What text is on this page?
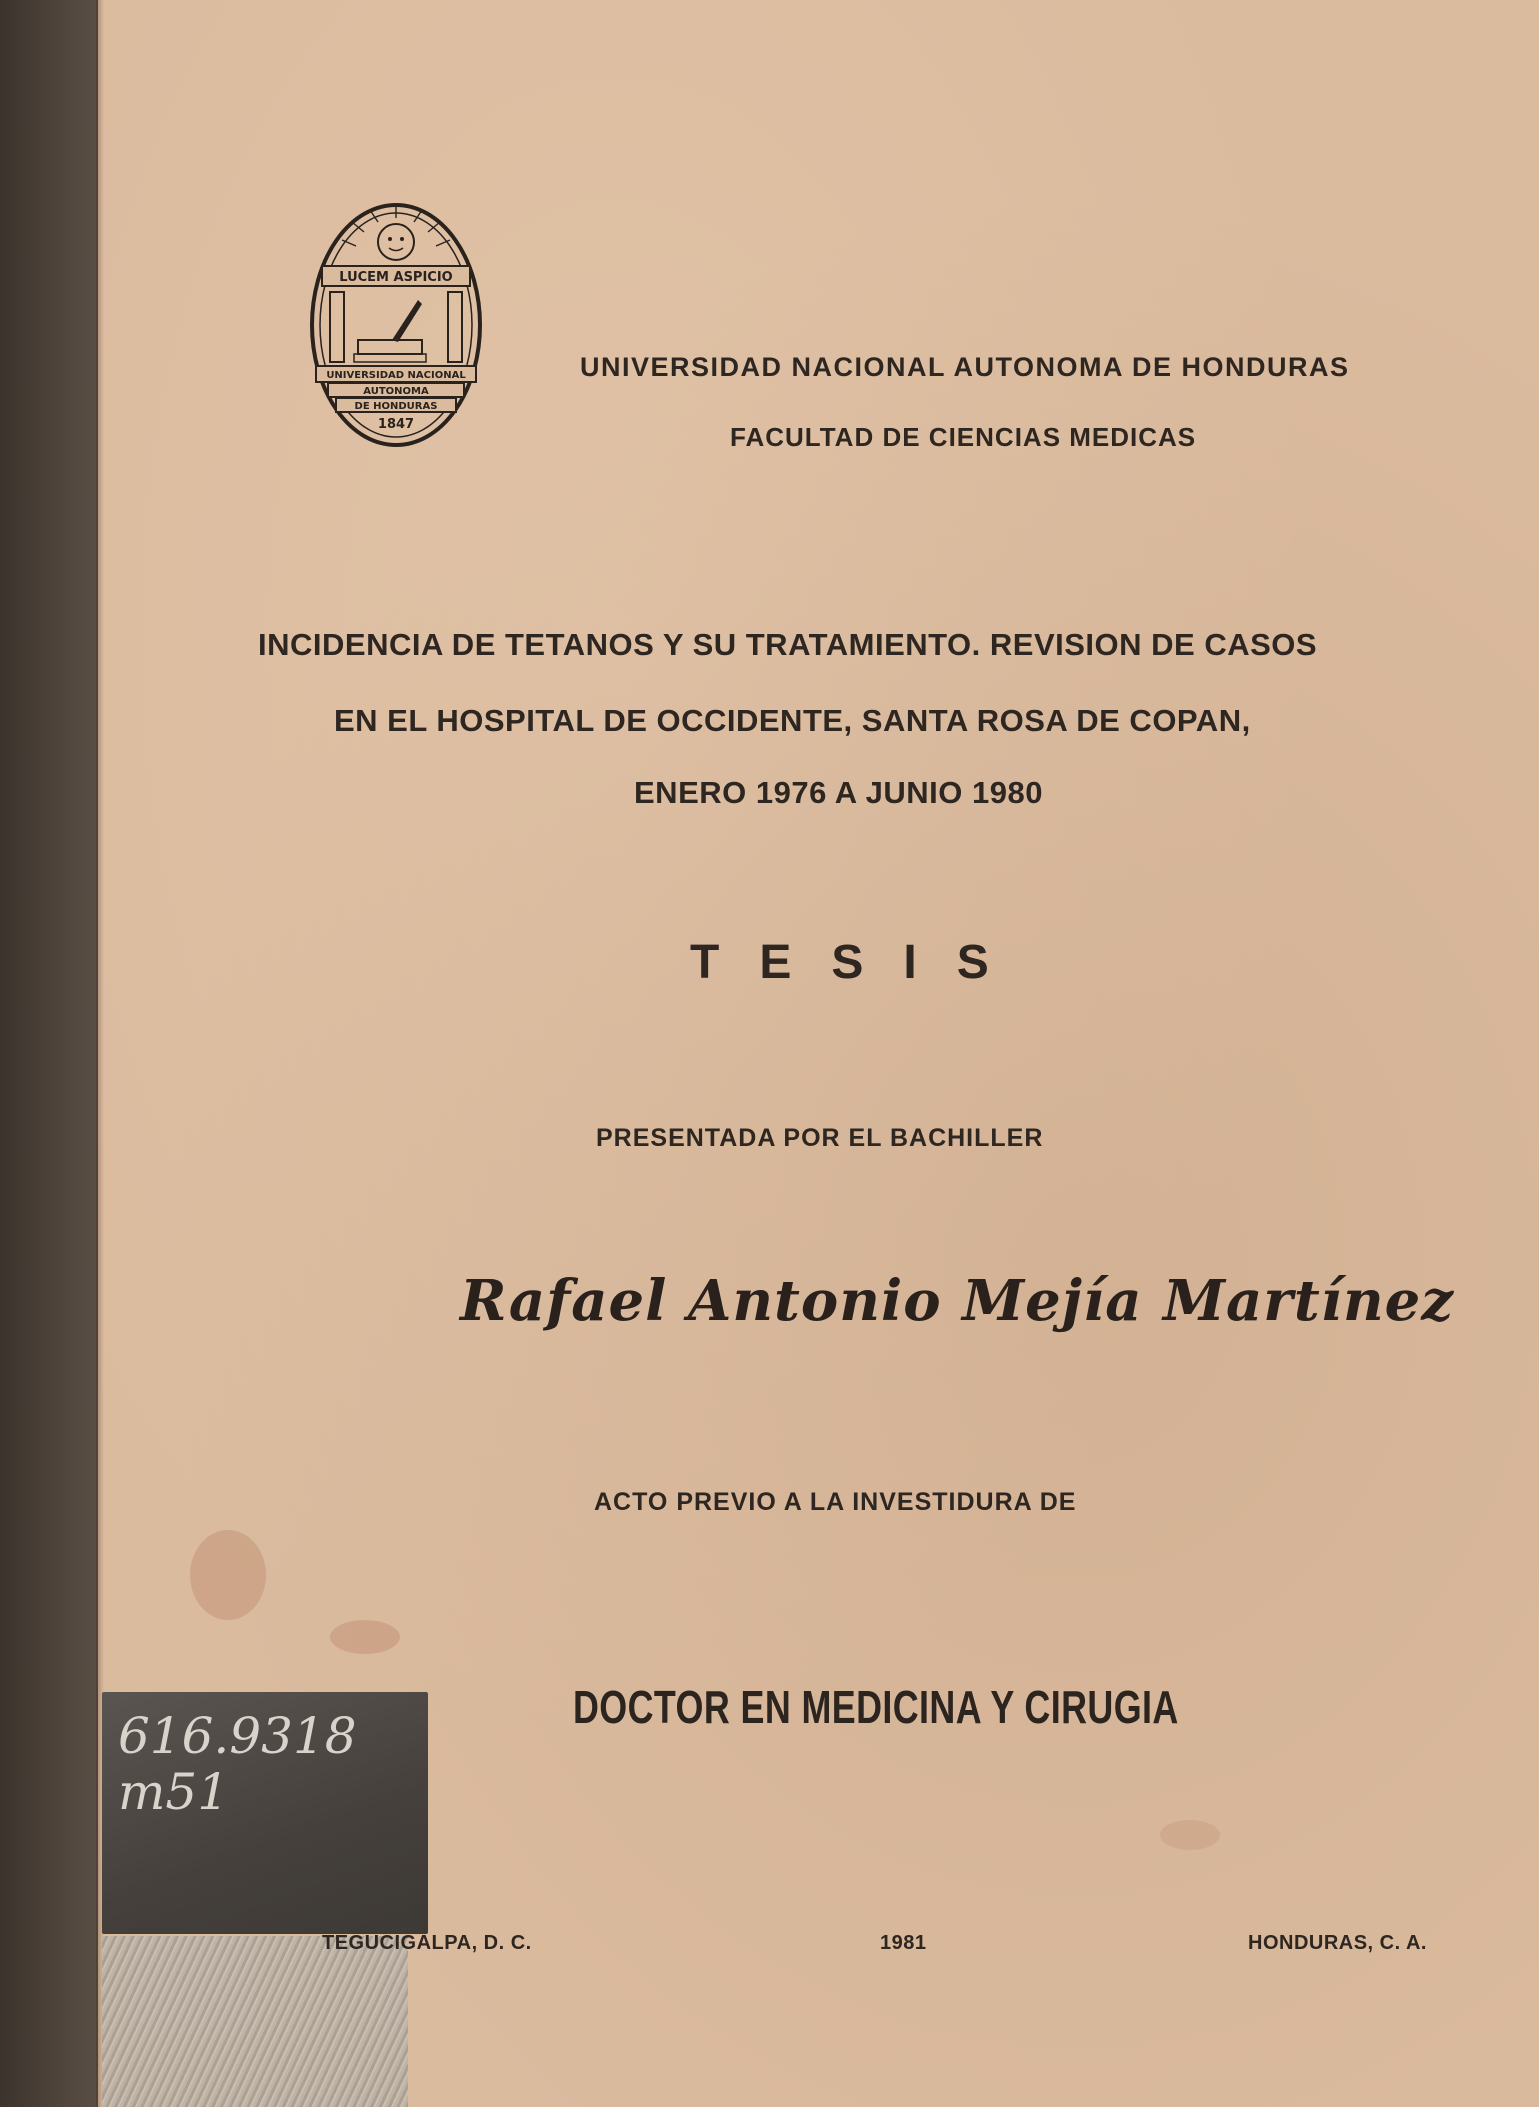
LUCEM ASPICIO
UNIVERSIDAD NACIONAL
AUTONOMA
DE HONDURAS
1847
UNIVERSIDAD NACIONAL AUTONOMA DE HONDURAS
FACULTAD DE CIENCIAS MEDICAS
INCIDENCIA DE TETANOS Y SU TRATAMIENTO. REVISION DE CASOS
EN EL HOSPITAL DE OCCIDENTE, SANTA ROSA DE COPAN,
ENERO 1976 A JUNIO 1980
TESIS
PRESENTADA POR EL BACHILLER
Rafael Antonio Mejía Martínez
ACTO PREVIO A LA INVESTIDURA DE
DOCTOR EN MEDICINA Y CIRUGIA
616.9318
m51
TEGUCIGALPA, D. C.	1981	HONDURAS, C. A.
